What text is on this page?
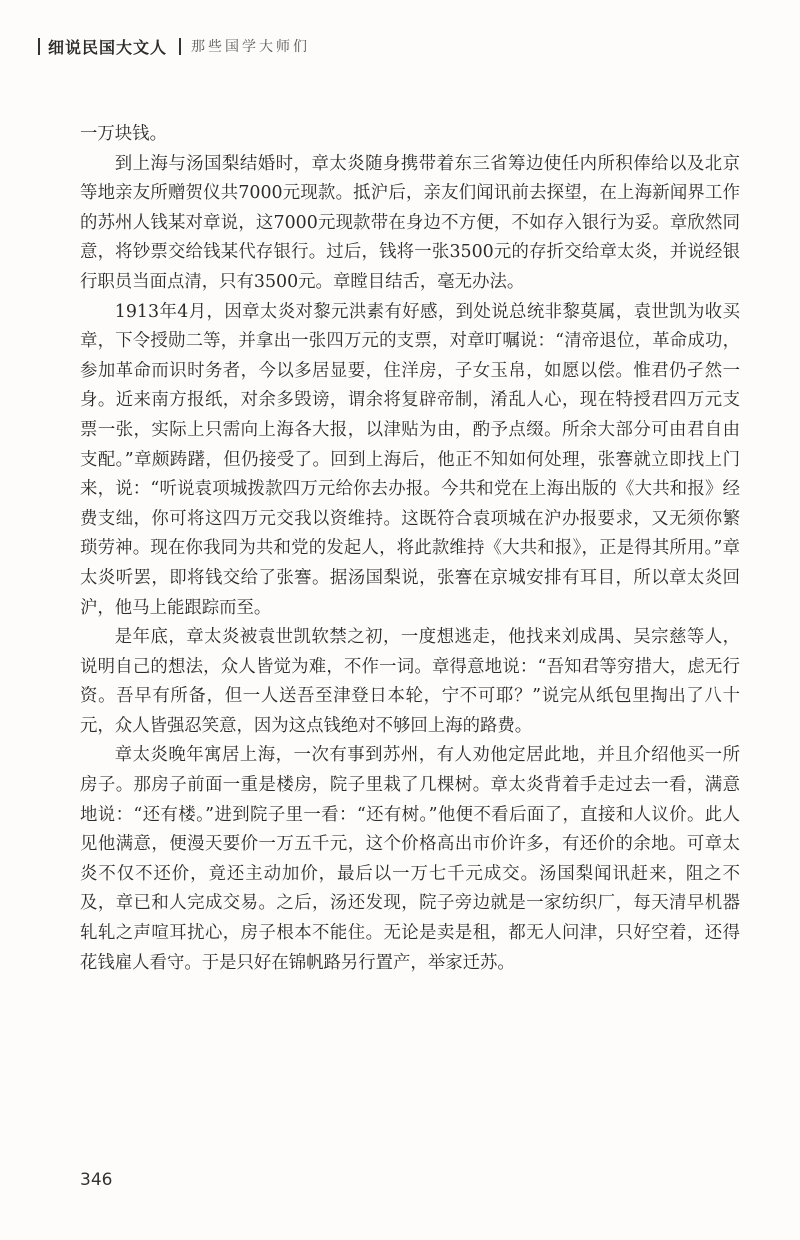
细说民国大文人 那些国学大师们

一万块钱。

到上海与汤国梨结婚时，章太炎随身携带着东三省筹边使任内所积俸给以及北京等地亲友所赠贺仪共7000元现款。抵沪后，亲友们闻讯前去探望，在上海新闻界工作的苏州人钱某对章说，这7000元现款带在身边不方便，不如存入银行为妥。章欣然同意，将钞票交给钱某代存银行。过后，钱将一张3500元的存折交给章太炎，并说经银行职员当面点清，只有3500元。章瞠目结舌，毫无办法。

1913年4月，因章太炎对黎元洪素有好感，到处说总统非黎莫属，袁世凯为收买章，下令授勋二等，并拿出一张四万元的支票，对章叮嘱说：“清帝退位，革命成功，参加革命而识时务者，今以多居显要，住洋房，子女玉帛，如愿以偿。惟君仍孑然一身。近来南方报纸，对余多毁谤，谓余将复辟帝制，淆乱人心，现在特授君四万元支票一张，实际上只需向上海各大报，以津贴为由，酌予点缀。所余大部分可由君自由支配。”章颇踌躇，但仍接受了。回到上海后，他正不知如何处理，张謇就立即找上门来，说：“听说袁项城拨款四万元给你去办报。今共和党在上海出版的《大共和报》经费支绌，你可将这四万元交我以资维持。这既符合袁项城在沪办报要求，又无须你繁琐劳神。现在你我同为共和党的发起人，将此款维持《大共和报》，正是得其所用。”章太炎听罢，即将钱交给了张謇。据汤国梨说，张謇在京城安排有耳目，所以章太炎回沪，他马上能跟踪而至。

是年底，章太炎被袁世凯软禁之初，一度想逃走，他找来刘成禺、吴宗慈等人，说明自己的想法，众人皆觉为难，不作一词。章得意地说：“吾知君等穷措大，虑无行资。吾早有所备，但一人送吾至津登日本轮，宁不可耶？”说完从纸包里掏出了八十元，众人皆强忍笑意，因为这点钱绝对不够回上海的路费。

章太炎晚年寓居上海，一次有事到苏州，有人劝他定居此地，并且介绍他买一所房子。那房子前面一重是楼房，院子里栽了几棵树。章太炎背着手走过去一看，满意地说：“还有楼。”进到院子里一看：“还有树。”他便不看后面了，直接和人议价。此人见他满意，便漫天要价一万五千元，这个价格高出市价许多，有还价的余地。可章太炎不仅不还价，竟还主动加价，最后以一万七千元成交。汤国梨闻讯赶来，阻之不及，章已和人完成交易。之后，汤还发现，院子旁边就是一家纺织厂，每天清早机器轧轧之声喧耳扰心，房子根本不能住。无论是卖是租，都无人问津，只好空着，还得花钱雇人看守。于是只好在锦帆路另行置产，举家迁苏。

346
